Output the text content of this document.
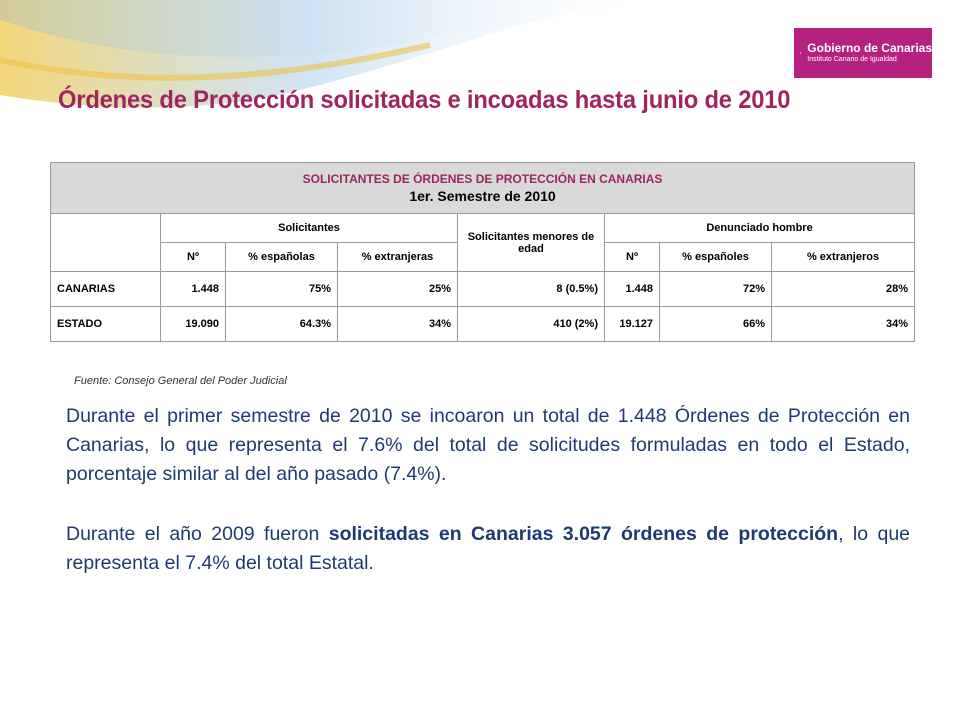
Gobierno de Canarias
Instituto Canario de Igualdad
Órdenes de Protección solicitadas e incoadas hasta junio de 2010
SOLICITANTES DE ÓRDENES DE PROTECCIÓN EN CANARIAS
1er. Semestre de 2010							

	Solicitantes			Solicitantes menores de edad	Denunciado hombre		
	Nº	% españolas	% extranjeras		Nº	% españoles	% extranjeros
CANARIAS	1.448	75%	25%	8 (0.5%)	1.448	72%	28%
ESTADO	19.090	64.3%	34%	410 (2%)	19.127	66%	34%
Fuente: Consejo General del Poder Judicial

Durante el primer semestre de 2010 se incoaron un total de 1.448 Órdenes de Protección en Canarias, lo que representa el 7.6% del total de solicitudes formuladas en todo el Estado, porcentaje similar al del año pasado (7.4%).

Durante el año 2009 fueron solicitadas en Canarias 3.057 órdenes de protección, lo que representa el 7.4% del total Estatal.
